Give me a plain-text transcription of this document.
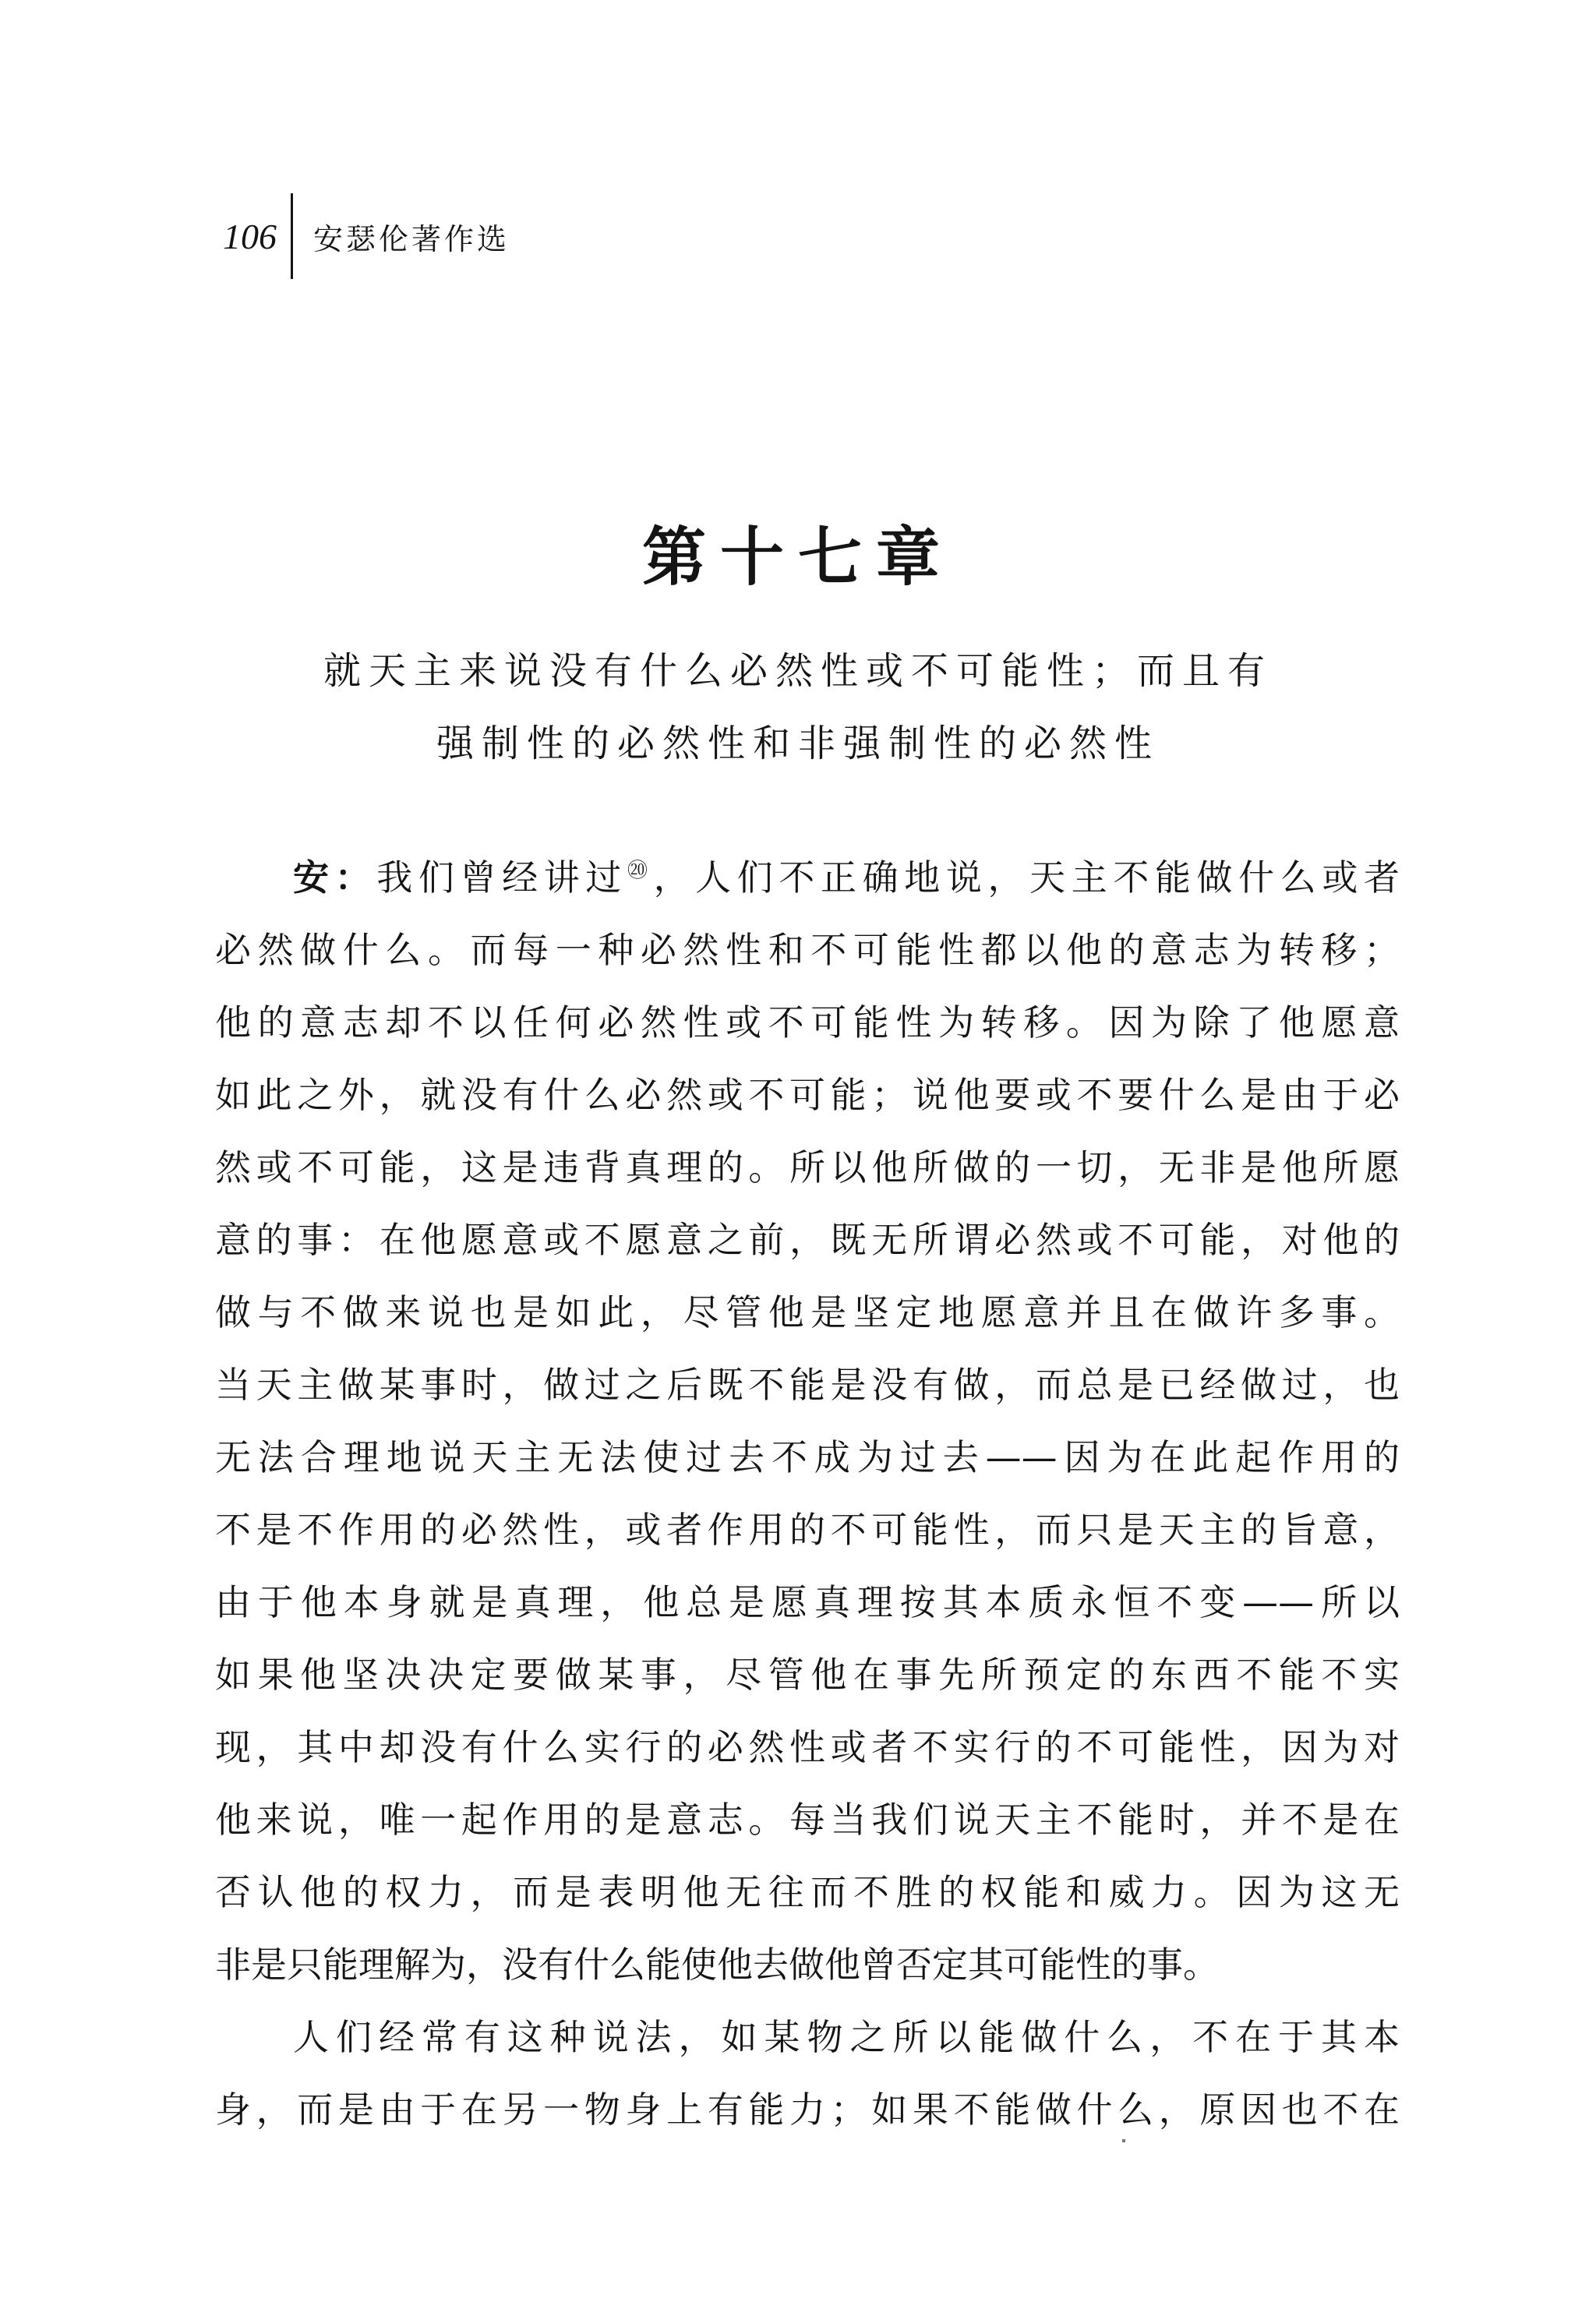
106	安瑟伦著作选
第十七章
就天主来说没有什么必然性或不可能性；而且有
强制性的必然性和非强制性的必然性
安：我们曾经讲过⑳，人们不正确地说，天主不能做什么或者
必然做什么。而每一种必然性和不可能性都以他的意志为转移；
他的意志却不以任何必然性或不可能性为转移。因为除了他愿意
如此之外，就没有什么必然或不可能；说他要或不要什么是由于必
然或不可能，这是违背真理的。所以他所做的一切，无非是他所愿
意的事：在他愿意或不愿意之前，既无所谓必然或不可能，对他的
做与不做来说也是如此，尽管他是坚定地愿意并且在做许多事。
当天主做某事时，做过之后既不能是没有做，而总是已经做过，也
无法合理地说天主无法使过去不成为过去——因为在此起作用的
不是不作用的必然性，或者作用的不可能性，而只是天主的旨意，
由于他本身就是真理，他总是愿真理按其本质永恒不变——所以
如果他坚决决定要做某事，尽管他在事先所预定的东西不能不实
现，其中却没有什么实行的必然性或者不实行的不可能性，因为对
他来说，唯一起作用的是意志。每当我们说天主不能时，并不是在
否认他的权力，而是表明他无往而不胜的权能和威力。因为这无
非是只能理解为，没有什么能使他去做他曾否定其可能性的事。
人们经常有这种说法，如某物之所以能做什么，不在于其本
身，而是由于在另一物身上有能力；如果不能做什么，原因也不在
